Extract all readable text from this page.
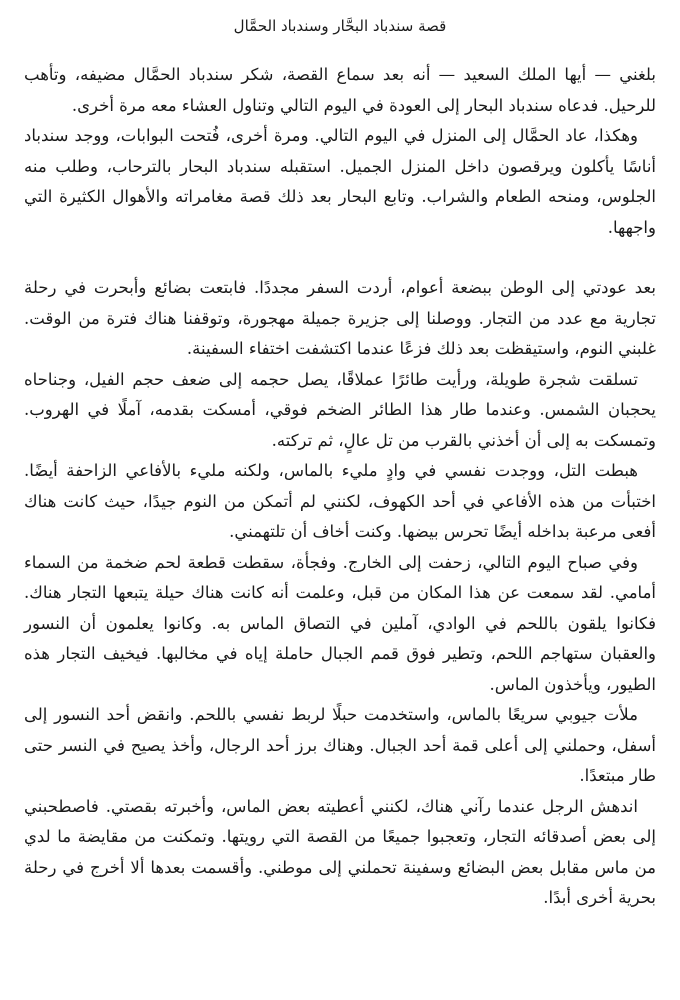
قصة سندباد البحَّار وسندباد الحمَّال

بلغني — أيها الملك السعيد — أنه بعد سماع القصة، شكر سندباد الحمَّال مضيفه، وتأهب للرحيل. فدعاه سندباد البحار إلى العودة في اليوم التالي وتناول العشاء معه مرة أخرى.

وهكذا، عاد الحمَّال إلى المنزل في اليوم التالي. ومرة أخرى، فُتحت البوابات، ووجد سندباد أناسًا يأكلون ويرقصون داخل المنزل الجميل. استقبله سندباد البحار بالترحاب، وطلب منه الجلوس، ومنحه الطعام والشراب. وتابع البحار بعد ذلك قصة مغامراته والأهوال الكثيرة التي واجهها.

بعد عودتي إلى الوطن ببضعة أعوام، أردت السفر مجددًا. فابتعت بضائع وأبحرت في رحلة تجارية مع عدد من التجار. ووصلنا إلى جزيرة جميلة مهجورة، وتوقفنا هناك فترة من الوقت. غلبني النوم، واستيقظت بعد ذلك فزعًا عندما اكتشفت اختفاء السفينة.

تسلقت شجرة طويلة، ورأيت طائرًا عملاقًا، يصل حجمه إلى ضعف حجم الفيل، وجناحاه يحجبان الشمس. وعندما طار هذا الطائر الضخم فوقي، أمسكت بقدمه، آملًا في الهروب. وتمسكت به إلى أن أخذني بالقرب من تل عالٍ، ثم تركته.

هبطت التل، ووجدت نفسي في وادٍ مليء بالماس، ولكنه مليء بالأفاعي الزاحفة أيضًا. اختبأت من هذه الأفاعي في أحد الكهوف، لكنني لم أتمكن من النوم جيدًا، حيث كانت هناك أفعى مرعبة بداخله أيضًا تحرس بيضها. وكنت أخاف أن تلتهمني.

وفي صباح اليوم التالي، زحفت إلى الخارج. وفجأة، سقطت قطعة لحم ضخمة من السماء أمامي. لقد سمعت عن هذا المكان من قبل، وعلمت أنه كانت هناك حيلة يتبعها التجار هناك. فكانوا يلقون باللحم في الوادي، آملين في التصاق الماس به. وكانوا يعلمون أن النسور والعقبان ستهاجم اللحم، وتطير فوق قمم الجبال حاملة إياه في مخالبها. فيخيف التجار هذه الطيور، ويأخذون الماس.

ملأت جيوبي سريعًا بالماس، واستخدمت حبلًا لربط نفسي باللحم. وانقض أحد النسور إلى أسفل، وحملني إلى أعلى قمة أحد الجبال. وهناك برز أحد الرجال، وأخذ يصيح في النسر حتى طار مبتعدًا.

اندهش الرجل عندما رآني هناك، لكنني أعطيته بعض الماس، وأخبرته بقصتي. فاصطحبني إلى بعض أصدقائه التجار، وتعجبوا جميعًا من القصة التي رويتها. وتمكنت من مقايضة ما لدي من ماس مقابل بعض البضائع وسفينة تحملني إلى موطني. وأقسمت بعدها ألا أخرج في رحلة بحرية أخرى أبدًا.
